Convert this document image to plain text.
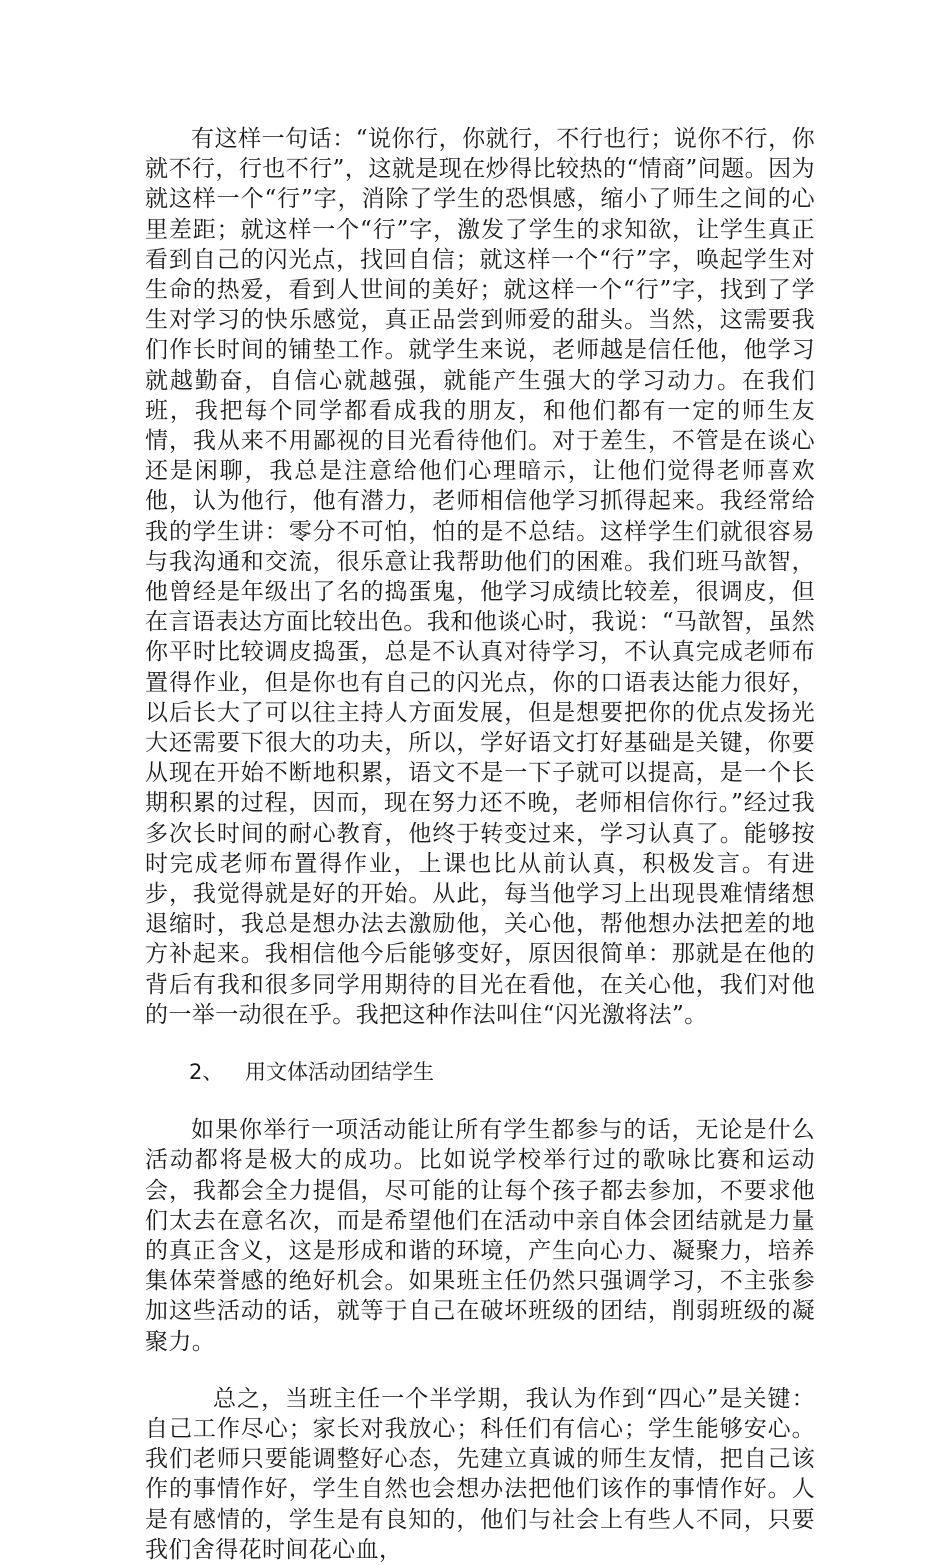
有这样一句话：“说你行，你就行，不行也行；说你不行，你就不行，行也不行”，这就是现在炒得比较热的“情商”问题。因为就这样一个“行”字，消除了学生的恐惧感，缩小了师生之间的心里差距；就这样一个“行”字，激发了学生的求知欲，让学生真正看到自己的闪光点，找回自信；就这样一个“行”字，唤起学生对生命的热爱，看到人世间的美好；就这样一个“行”字，找到了学生对学习的快乐感觉，真正品尝到师爱的甜头。当然，这需要我们作长时间的铺垫工作。就学生来说，老师越是信任他，他学习就越勤奋，自信心就越强，就能产生强大的学习动力。在我们班，我把每个同学都看成我的朋友，和他们都有一定的师生友情，我从来不用鄙视的目光看待他们。对于差生，不管是在谈心还是闲聊，我总是注意给他们心理暗示，让他们觉得老师喜欢他，认为他行，他有潜力，老师相信他学习抓得起来。我经常给我的学生讲：零分不可怕，怕的是不总结。这样学生们就很容易与我沟通和交流，很乐意让我帮助他们的困难。我们班马歆智，他曾经是年级出了名的捣蛋鬼，他学习成绩比较差，很调皮，但在言语表达方面比较出色。我和他谈心时，我说：“马歆智，虽然你平时比较调皮捣蛋，总是不认真对待学习，不认真完成老师布置得作业，但是你也有自己的闪光点，你的口语表达能力很好，以后长大了可以往主持人方面发展，但是想要把你的优点发扬光大还需要下很大的功夫，所以，学好语文打好基础是关键，你要从现在开始不断地积累，语文不是一下子就可以提高，是一个长期积累的过程，因而，现在努力还不晚，老师相信你行。”经过我多次长时间的耐心教育，他终于转变过来，学习认真了。能够按时完成老师布置得作业，上课也比从前认真，积极发言。有进步，我觉得就是好的开始。从此，每当他学习上出现畏难情绪想退缩时，我总是想办法去激励他，关心他，帮他想办法把差的地方补起来。我相信他今后能够变好，原因很简单：那就是在他的背后有我和很多同学用期待的目光在看他，在关心他，我们对他的一举一动很在乎。我把这种作法叫住“闪光激将法”。

2、 用文体活动团结学生

如果你举行一项活动能让所有学生都参与的话，无论是什么活动都将是极大的成功。比如说学校举行过的歌咏比赛和运动会，我都会全力提倡，尽可能的让每个孩子都去参加，不要求他们太去在意名次，而是希望他们在活动中亲自体会团结就是力量的真正含义，这是形成和谐的环境，产生向心力、凝聚力，培养集体荣誉感的绝好机会。如果班主任仍然只强调学习，不主张参加这些活动的话，就等于自己在破坏班级的团结，削弱班级的凝聚力。

总之，当班主任一个半学期，我认为作到“四心”是关键：自己工作尽心；家长对我放心；科任们有信心；学生能够安心。我们老师只要能调整好心态，先建立真诚的师生友情，把自己该作的事情作好，学生自然也会想办法把他们该作的事情作好。人是有感情的，学生是有良知的，他们与社会上有些人不同，只要我们舍得花时间花心血，
